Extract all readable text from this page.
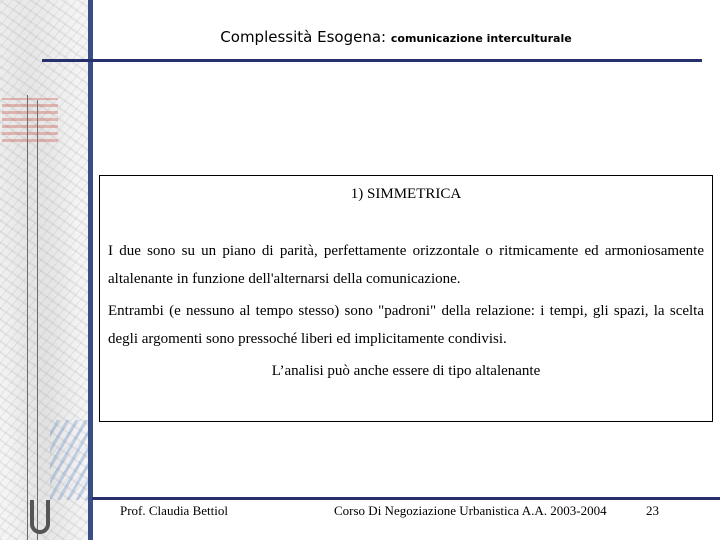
Complessità Esogena: comunicazione interculturale
1) SIMMETRICA

I due sono su un piano di parità, perfettamente orizzontale o ritmicamente ed armoniosamente altalenante in funzione dell'alternarsi della comunicazione.

Entrambi (e nessuno al tempo stesso) sono "padroni" della relazione: i tempi, gli spazi, la scelta degli argomenti sono pressoché liberi ed implicitamente condivisi.

L’analisi può anche essere di tipo altalenante
Prof. Claudia Bettiol	Corso Di Negoziazione Urbanistica A.A. 2003-2004	23
